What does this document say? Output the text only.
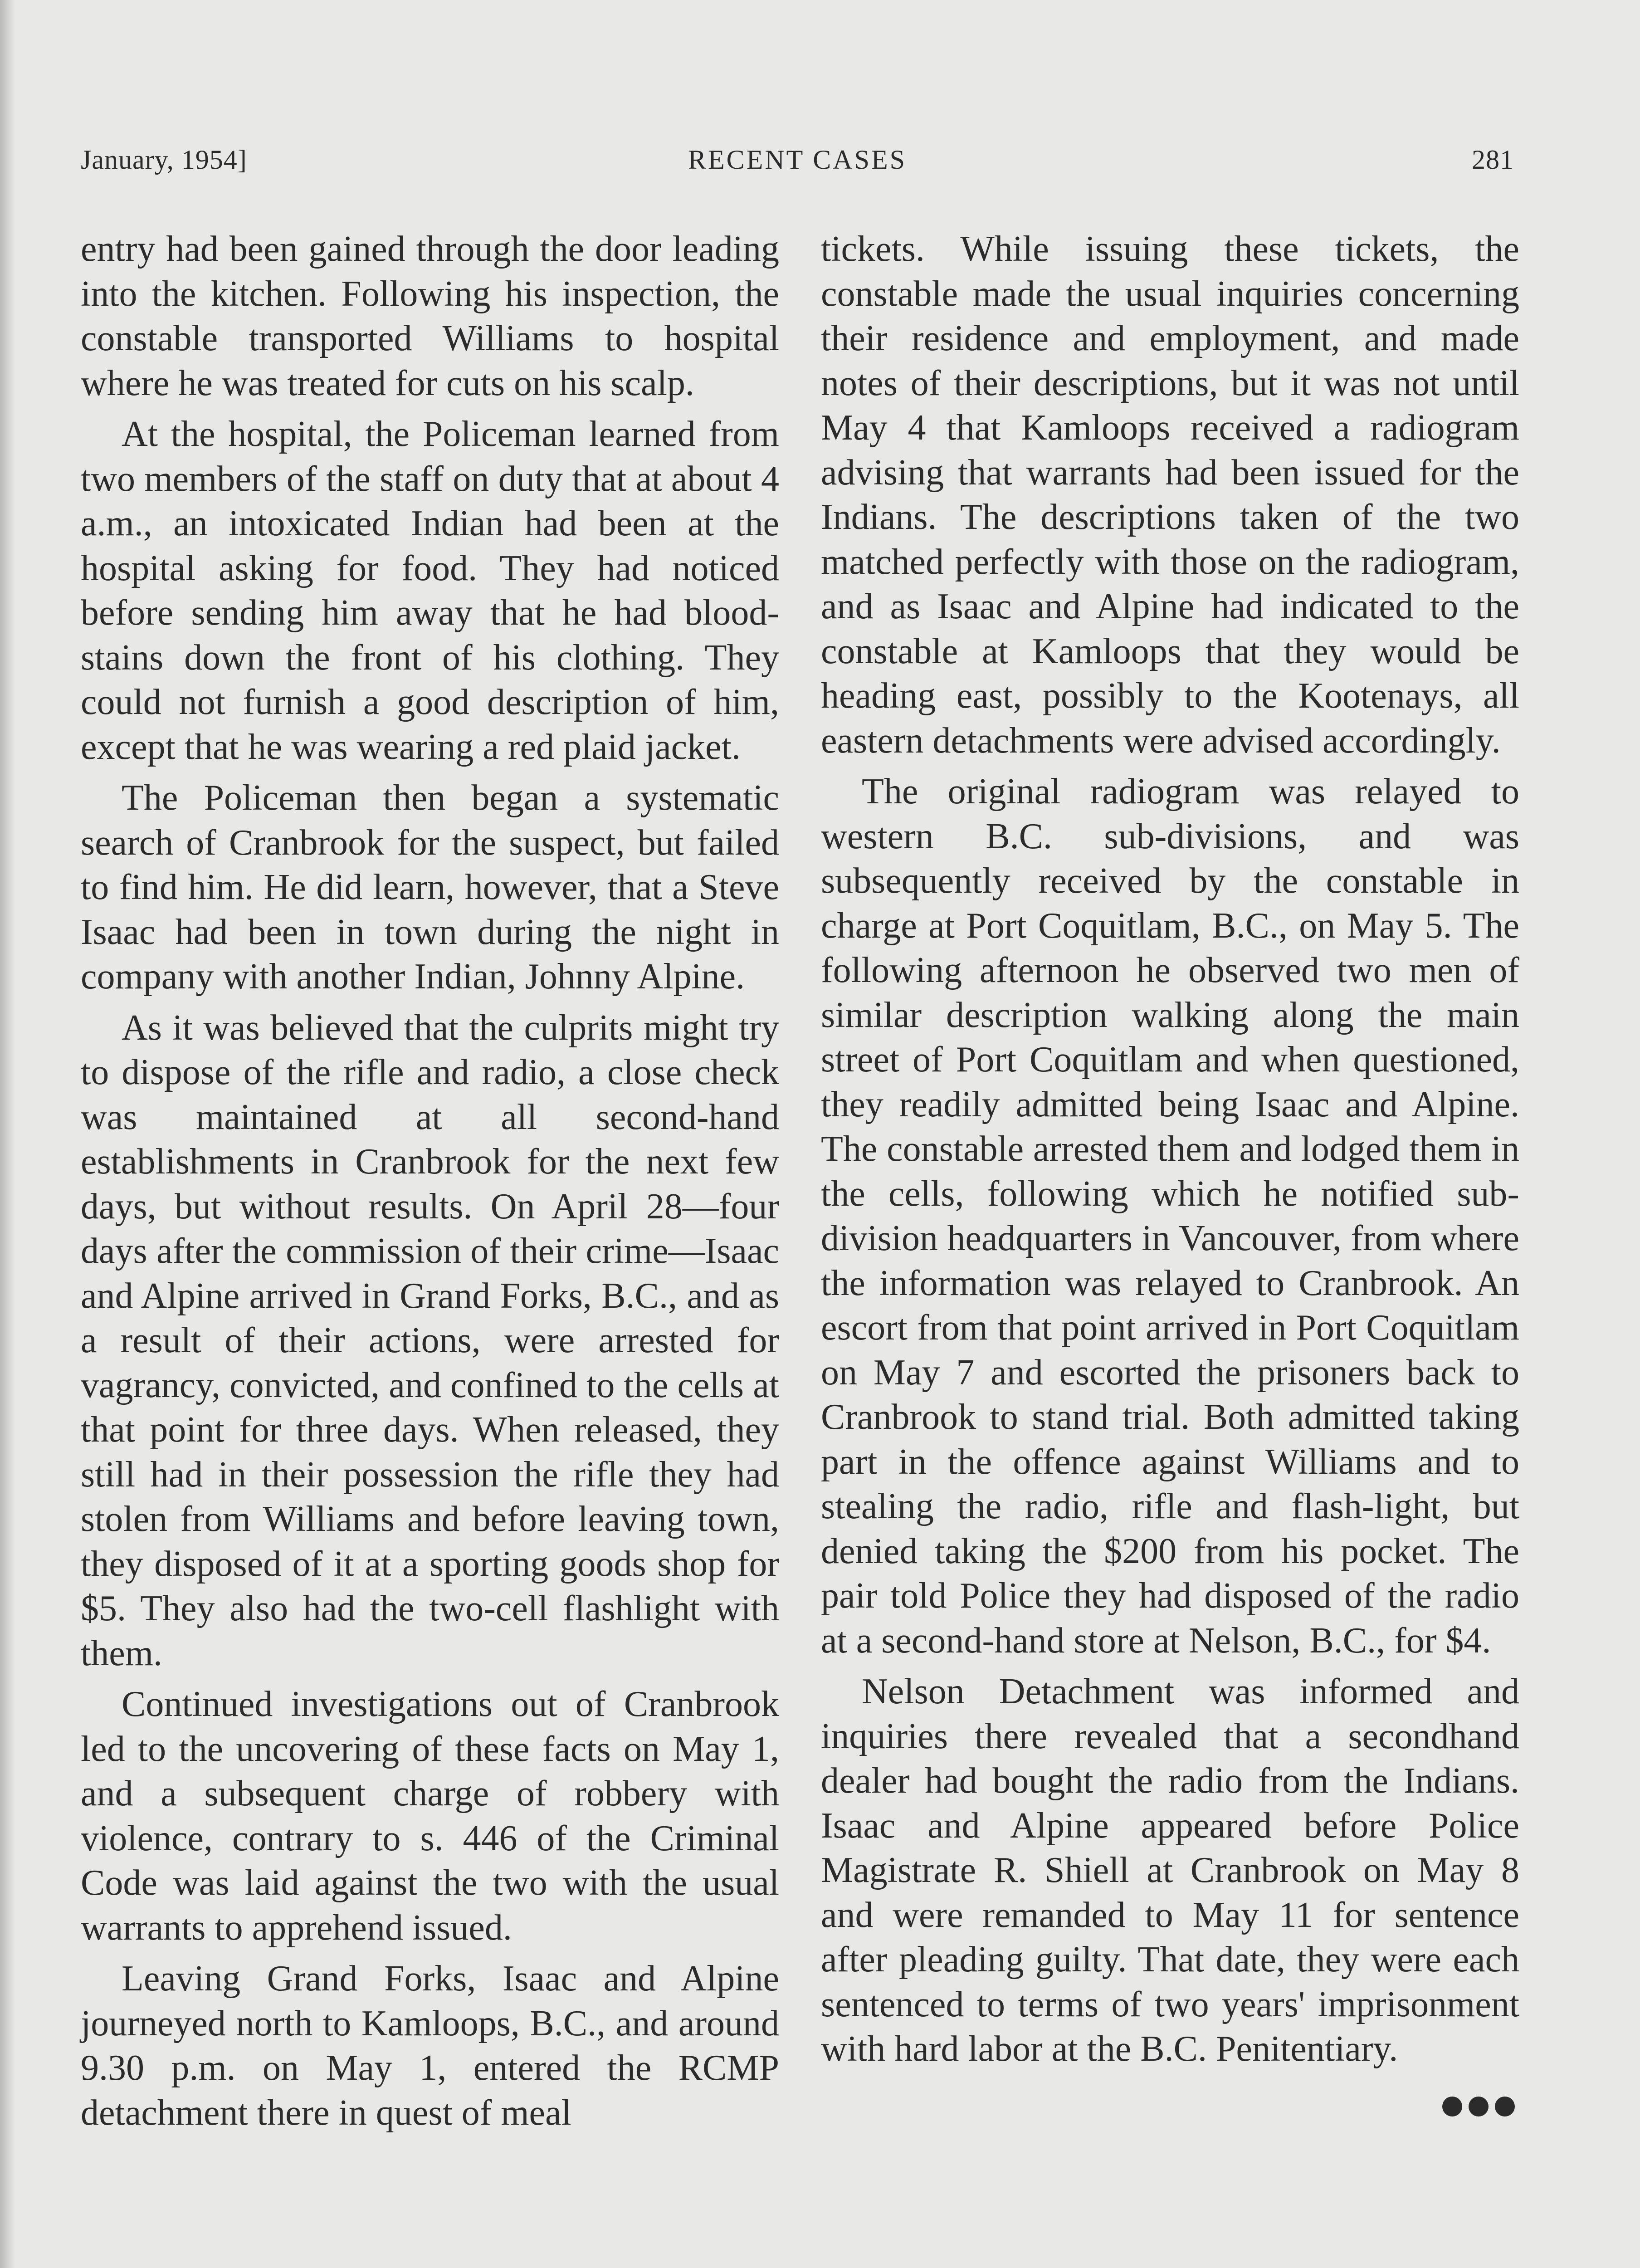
January, 1954]	RECENT CASES	281

entry had been gained through the door leading into the kitchen. Following his inspection, the constable transported Williams to hospital where he was treated for cuts on his scalp.

At the hospital, the Policeman learned from two members of the staff on duty that at about 4 a.m., an intoxicated Indian had been at the hospital asking for food. They had noticed before sending him away that he had blood-stains down the front of his clothing. They could not furnish a good description of him, except that he was wearing a red plaid jacket.

The Policeman then began a systematic search of Cranbrook for the suspect, but failed to find him. He did learn, however, that a Steve Isaac had been in town during the night in company with another Indian, Johnny Alpine.

As it was believed that the culprits might try to dispose of the rifle and radio, a close check was maintained at all second-hand establishments in Cranbrook for the next few days, but without results. On April 28—four days after the commission of their crime—Isaac and Alpine arrived in Grand Forks, B.C., and as a result of their actions, were arrested for vagrancy, convicted, and confined to the cells at that point for three days. When released, they still had in their possession the rifle they had stolen from Williams and before leaving town, they disposed of it at a sporting goods shop for $5. They also had the two-cell flashlight with them.

Continued investigations out of Cranbrook led to the uncovering of these facts on May 1, and a subsequent charge of robbery with violence, contrary to s. 446 of the Criminal Code was laid against the two with the usual warrants to apprehend issued.

Leaving Grand Forks, Isaac and Alpine journeyed north to Kamloops, B.C., and around 9.30 p.m. on May 1, entered the RCMP detachment there in quest of meal

tickets. While issuing these tickets, the constable made the usual inquiries concerning their residence and employment, and made notes of their descriptions, but it was not until May 4 that Kamloops received a radiogram advising that warrants had been issued for the Indians. The descriptions taken of the two matched perfectly with those on the radiogram, and as Isaac and Alpine had indicated to the constable at Kamloops that they would be heading east, possibly to the Kootenays, all eastern detachments were advised accordingly.

The original radiogram was relayed to western B.C. sub-divisions, and was subsequently received by the constable in charge at Port Coquitlam, B.C., on May 5. The following afternoon he observed two men of similar description walking along the main street of Port Coquitlam and when questioned, they readily admitted being Isaac and Alpine. The constable arrested them and lodged them in the cells, following which he notified sub-division headquarters in Vancouver, from where the information was relayed to Cranbrook. An escort from that point arrived in Port Coquitlam on May 7 and escorted the prisoners back to Cranbrook to stand trial. Both admitted taking part in the offence against Williams and to stealing the radio, rifle and flash-light, but denied taking the $200 from his pocket. The pair told Police they had disposed of the radio at a second-hand store at Nelson, B.C., for $4.

Nelson Detachment was informed and inquiries there revealed that a secondhand dealer had bought the radio from the Indians. Isaac and Alpine appeared before Police Magistrate R. Shiell at Cranbrook on May 8 and were remanded to May 11 for sentence after pleading guilty. That date, they were each sentenced to terms of two years' imprisonment with hard labor at the B.C. Penitentiary.
